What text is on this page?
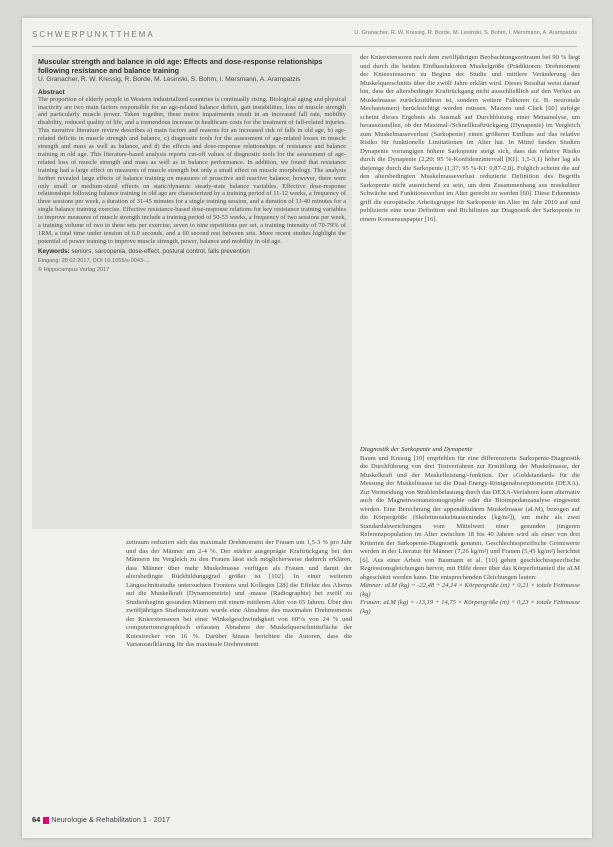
SCHWERPUNKTTHEMA	U. Granacher, R. W. Kressig, R. Borde, M. Lesinski, S. Bohm, I. Mersmann, A. Arampatzis
Muscular strength and balance in old age: Effects and dose-response relationships following resistance and balance training
U. Granacher, R. W. Kressig, R. Borde, M. Lesinski, S. Bohm, I. Mersmann, A. Arampatzis
Abstract
The proportion of elderly people in Western industrialized countries is continually rising. Biological aging and physical inactivity are two main factors responsible for an age-related balance deficit, gait instabilities, loss of muscle strength and particularly muscle power. Taken together, these motor impairments result in an increased fall rate, mobility disability, reduced quality of life, and a tremendous increase in healthcare costs for the treatment of fall-related injuries. This narrative literature review describes a) main factors and reasons for an increased risk of falls in old age, b) age-related deficits in muscle strength and balance, c) diagnostic tools for the assessment of age-related losses in muscle strength and mass as well as balance, and d) the effects and dose-response relationships of resistance and balance training in old age. This literature-based analysis reports cut-off values of diagnostic tools for the assessment of age-related loss of muscle strength and mass as well as in balance performance. In addition, we found that resistance training had a large effect on measures of muscle strength but only a small effect on muscle morphology. The analysis further revealed large effects of balance training on measures of proactive and reactive balance; however, there were only small or medium-sized effects on static/dynamic steady-state balance variables. Effective dose-response relationships following balance training in old age are characterized by a training period of 11-12 weeks, a frequency of three sessions per week, a duration of 31-45 minutes for a single training session, and a duration of 11-40 minutes for a single balance training exercise. Effective resistance-based dose-response relations for key resistance training variables to improve measures of muscle strength include a training period of 50-53 weeks, a frequency of two sessions per week, a training volume of two to three sets per exercise, seven to nine repetitions per set, a training intensity of 70-79% of 1RM, a total time under tension of 6.0 seconds, and a 60 second rest between sets. More recent studies highlight the potential of power training to improve muscle strength, power, balance and mobility in old age.
Keywords: seniors, sarcopenia, dose-effect, postural control, falls prevention
Eingang: 28.02.2017, DOI 10.1055/s-0043-...
© Hippocampus Verlag 2017
zeitraum reduziert sich das maximale Drehmoment der Frauen um 1,5-3 % pro Jahr und das der Männer um 2-4 %. Der stärker ausgeprägte Kraftrückgang bei den Männern im Vergleich zu den Frauen lässt sich möglicherweise dadurch erklären, dass Männer über mehr Muskelmasse verfügen als Frauen und damit der altersbedingte Rückbildungsgrad größer ist [102]. In einer weiteren Längsschnittstudie untersuchten Frontera und Kollegen [28] die Effekte des Alterns auf die Muskelkraft (Dynamometrie) und -masse (Radiographie) bei zwölf zu Studienbeginn gesunden Männern mit einem mittleren Alter von 65 Jahren. Über den zwölfjährigen Studienzeitraum wurde eine Abnahme des maximalen Drehmoments der Knieextensoren bei einer Winkelgeschwindigkeit von 60°/s von 24 % und computertomographisch erfassten Abnahme der Muskelquerschnittsfläche der Kniestrecker von 16 %. Darüber hinaus berichten die Autoren, dass die Varianzaufklärung für das maximale Drehmoment
der Knieextensoren nach dem zwölfjährigen Beobachtungszeitraum bei 90 % liegt und durch die beiden Einflussfaktoren Muskelgröße (Prädiktoren: Drehmoment der Knieextensoren zu Beginn der Studie und mittlere Veränderung des Muskelquerschnitts über die zwölf Jahre erklärt wird. Dieses Resultat weist darauf hin, dass der altersbedingte Kraftrückgang nicht ausschließlich auf den Verlust an Muskelmasse zurückzuführen ist, sondern weitere Faktoren (z. B. neuronale Mechanismen) berücksichtigt werden müssen. Mazzeo und Clark [60] zufolge scheint dieses Ergebnis als Ausmaß auf Durchblutung einer Metaanalyse, um herauszustellen, ob der Maximal-/Schnellkraftrückgang (Dynapenie) im Vergleich zum Muskelmasseverlust (Sarkopenie) einen größeren Einfluss auf das relative Risiko für funktionelle Limitationen im Alter hat. In Mittel fanden Studien Dynapenie vorrangigen höhere Sarkopenie steigt sich, dass das relative Risiko durch die Dynapenie (2,20; 95 %-Konfidenzintervall [KI]: 1,5-3,1) höher lag als diejenige durch die Sarkopenie (1,37; 95 %-KI: 0,87-2,0). Folglich scheint die auf den altersbedingten Muskelmasseverlust reduzierte Definition des Begriffs Sarkopenie nicht ausreichend zu sein, um dem Zusammenhang aus muskulärer Schwäche und Funktionsverlust im Alter gerecht zu werden [60]. Diese Erkenntnis griff die europäische Arbeitsgruppe für Sarkopenie im Alter im Jahr 2010 auf und publizierte eine neue Definition und Richtlinien zur Diagnostik der Sarkopenie in einem Konsensuspapier [16].
Diagnostik der Sarkopenie und Dynapenie
Baum und Kressig [10] empfehlen für eine differenzierte Sarkopenie-Diagnostik die Durchführung von drei Testverfahren zur Ermittlung der Muskelmasse, der Muskelkraft und der Muskelleistung/-funktion. Der »Goldstandard« für die Messung der Muskelmasse ist die Dual-Energy-Röntgenabsorptiometrie (DEXA). Zur Vermeidung von Strahlenbelastung durch das DEXA-Verfahren kann alternativ auch die Magnetresonanztomographie oder die Bioimpedanzanalyse eingesetzt werden. Eine Berechnung der appendikulären Muskelmasse (aLM), bezogen auf die Körpergröße (Skelettmuskelmassenindex [kg/m²]), um mehr als zwei Standardabweichungen vom Mittelwert einer gesunden jüngeren Referenzpopulation im Alter zwischen 18 bis 40 Jahren wird als einer von drei Kriterien der Sarkopenie-Diagnostik genannt. Geschlechtsspezifische Grenzwerte werden in der Literatur für Männer (7,26 kg/m²) und Frauen (5,45 kg/m²) berichtet [6]. Aus einer Arbeit von Baumann et al. [10] gehen geschlechtsspezifische Regressionsgleichungen hervor, mit Hilfe derer über das Körperfettanteil die aLM abgeschätzt werden kann. Die entsprechenden Gleichungen lauten:
Männer: aLM (kg) = -22,48 + 24,14 × Körpergröße (m) + 0,21 × totale Fettmasse (kg)
Frauen: aLM (kg) = -13,19 + 14,75 × Körpergröße (m) + 0,23 × totale Fettmasse (kg)
64 Neurologie & Rehabilitation 1 · 2017
